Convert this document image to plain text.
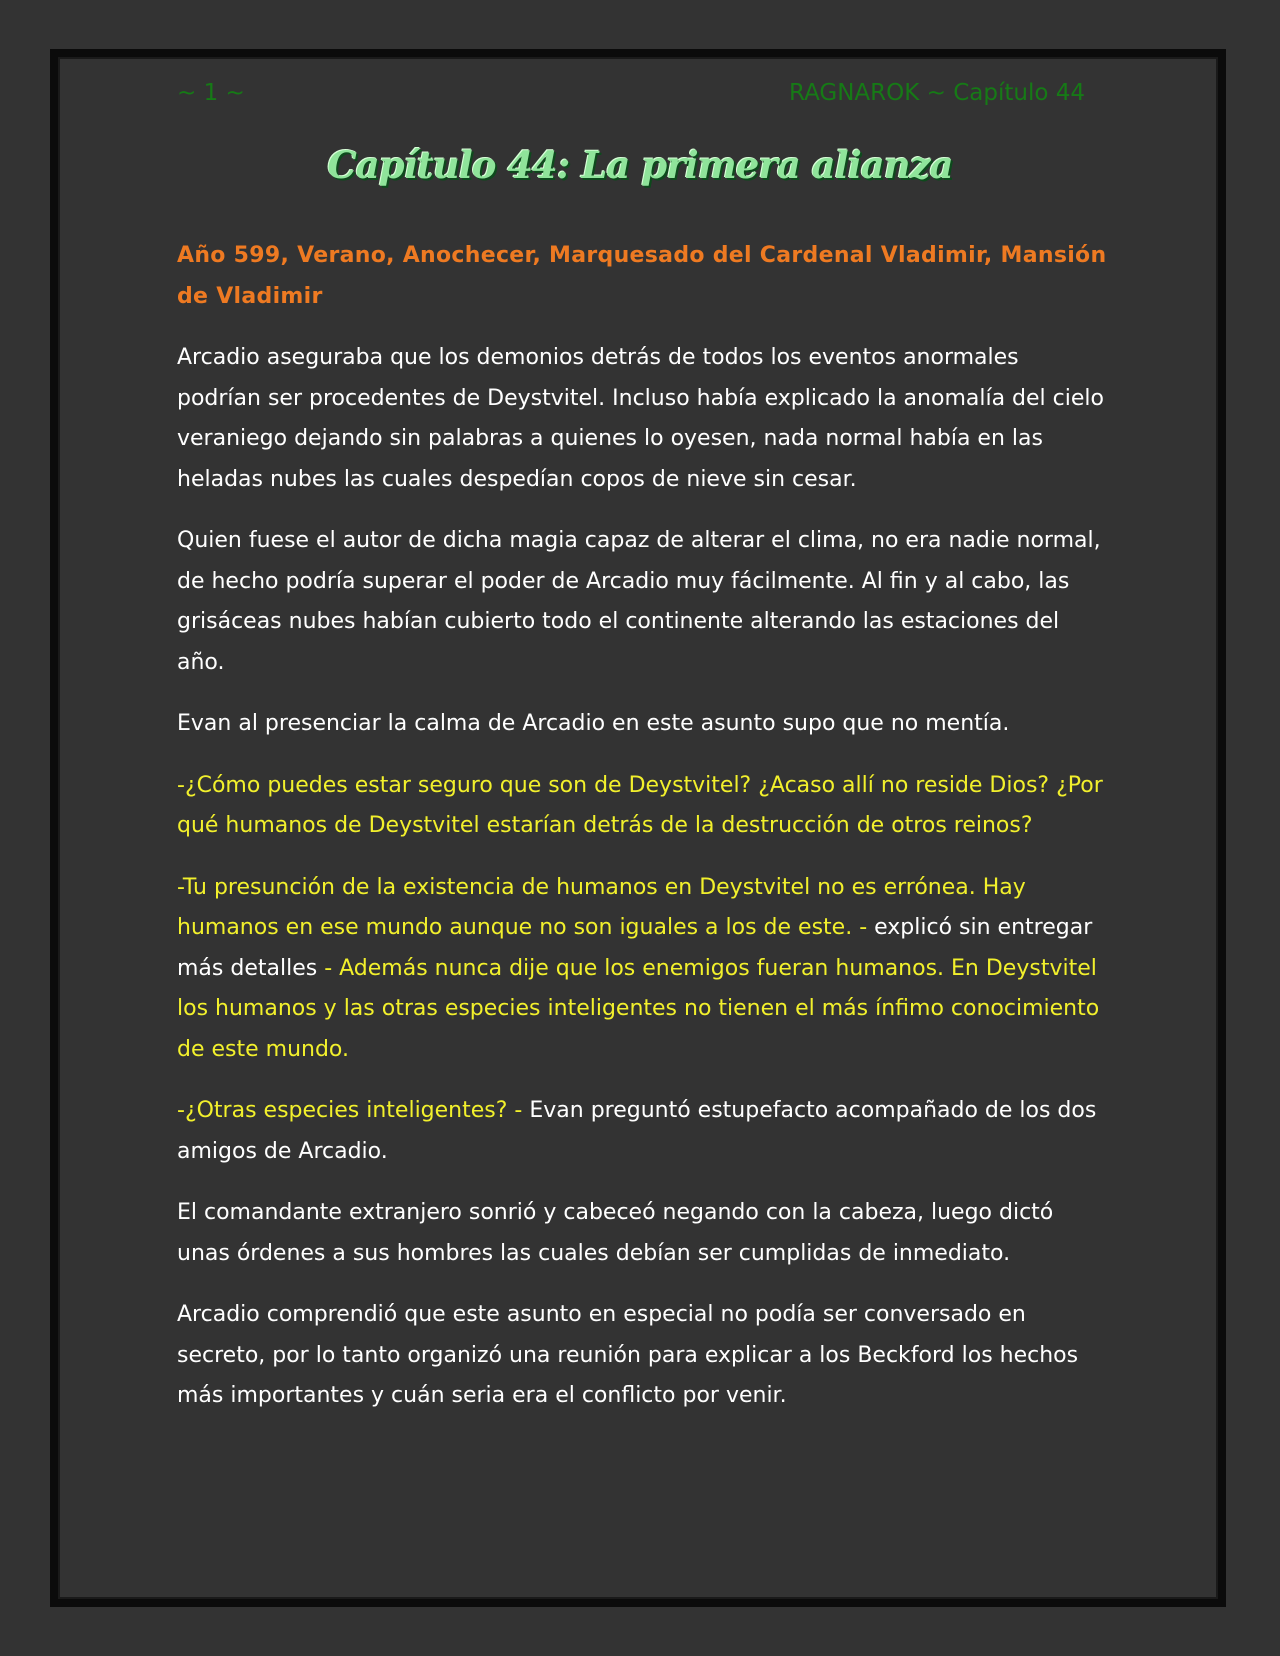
~ 1 ~	RAGNAROK ~ Capítulo 44
Capítulo 44: La primera alianza

Año 599, Verano, Anochecer, Marquesado del Cardenal Vladimir, Mansión de Vladimir

Arcadio aseguraba que los demonios detrás de todos los eventos anormales podrían ser procedentes de Deystvitel. Incluso había explicado la anomalía del cielo veraniego dejando sin palabras a quienes lo oyesen, nada normal había en las heladas nubes las cuales despedían copos de nieve sin cesar.

Quien fuese el autor de dicha magia capaz de alterar el clima, no era nadie normal, de hecho podría superar el poder de Arcadio muy fácilmente. Al fin y al cabo, las grisáceas nubes habían cubierto todo el continente alterando las estaciones del año.

Evan al presenciar la calma de Arcadio en este asunto supo que no mentía.

-¿Cómo puedes estar seguro que son de Deystvitel? ¿Acaso allí no reside Dios? ¿Por qué humanos de Deystvitel estarían detrás de la destrucción de otros reinos?

-Tu presunción de la existencia de humanos en Deystvitel no es errónea. Hay humanos en ese mundo aunque no son iguales a los de este. - explicó sin entregar más detalles - Además nunca dije que los enemigos fueran humanos. En Deystvitel los humanos y las otras especies inteligentes no tienen el más ínfimo conocimiento de este mundo.

-¿Otras especies inteligentes? - Evan preguntó estupefacto acompañado de los dos amigos de Arcadio.

El comandante extranjero sonrió y cabeceó negando con la cabeza, luego dictó unas órdenes a sus hombres las cuales debían ser cumplidas de inmediato.

Arcadio comprendió que este asunto en especial no podía ser conversado en secreto, por lo tanto organizó una reunión para explicar a los Beckford los hechos más importantes y cuán seria era el conflicto por venir.
